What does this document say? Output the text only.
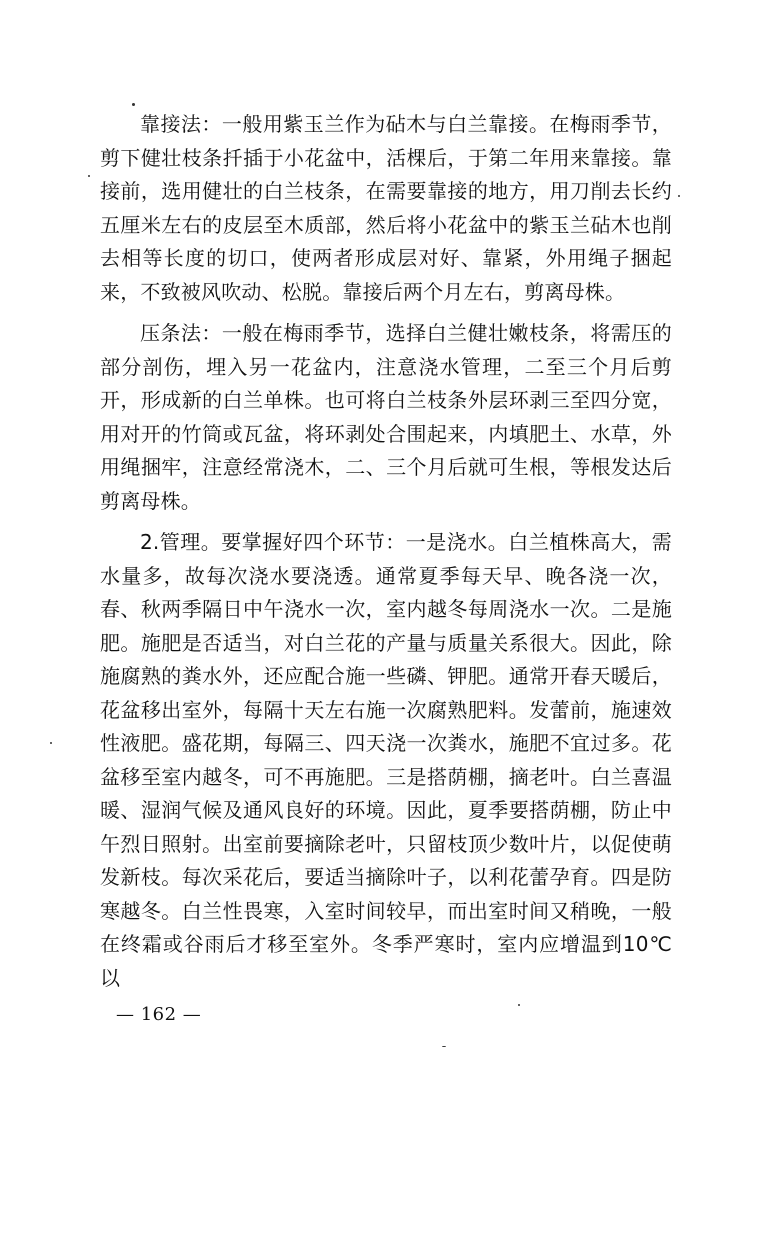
靠接法：一般用紫玉兰作为砧木与白兰靠接。在梅雨季节，剪下健壮枝条扦插于小花盆中，活棵后，于第二年用来靠接。靠接前，选用健壮的白兰枝条，在需要靠接的地方，用刀削去长约五厘米左右的皮层至木质部，然后将小花盆中的紫玉兰砧木也削去相等长度的切口，使两者形成层对好、靠紧，外用绳子捆起来，不致被风吹动、松脱。靠接后两个月左右，剪离母株。

压条法：一般在梅雨季节，选择白兰健壮嫩枝条，将需压的部分剖伤，埋入另一花盆内，注意浇水管理，二至三个月后剪开，形成新的白兰单株。也可将白兰枝条外层环剥三至四分宽，用对开的竹筒或瓦盆，将环剥处合围起来，内填肥土、水草，外用绳捆牢，注意经常浇木，二、三个月后就可生根，等根发达后剪离母株。

2.管理。要掌握好四个环节：一是浇水。白兰植株高大，需水量多，故每次浇水要浇透。通常夏季每天早、晚各浇一次，春、秋两季隔日中午浇水一次，室内越冬每周浇水一次。二是施肥。施肥是否适当，对白兰花的产量与质量关系很大。因此，除施腐熟的粪水外，还应配合施一些磷、钾肥。通常开春天暖后，花盆移出室外，每隔十天左右施一次腐熟肥料。发蕾前，施速效性液肥。盛花期，每隔三、四天浇一次粪水，施肥不宜过多。花盆移至室内越冬，可不再施肥。三是搭荫棚，摘老叶。白兰喜温暖、湿润气候及通风良好的环境。因此，夏季要搭荫棚，防止中午烈日照射。出室前要摘除老叶，只留枝顶少数叶片，以促使萌发新枝。每次采花后，要适当摘除叶子，以利花蕾孕育。四是防寒越冬。白兰性畏寒，入室时间较早，而出室时间又稍晚，一般在终霜或谷雨后才移至室外。冬季严寒时，室内应增温到10℃以

— 162 —
